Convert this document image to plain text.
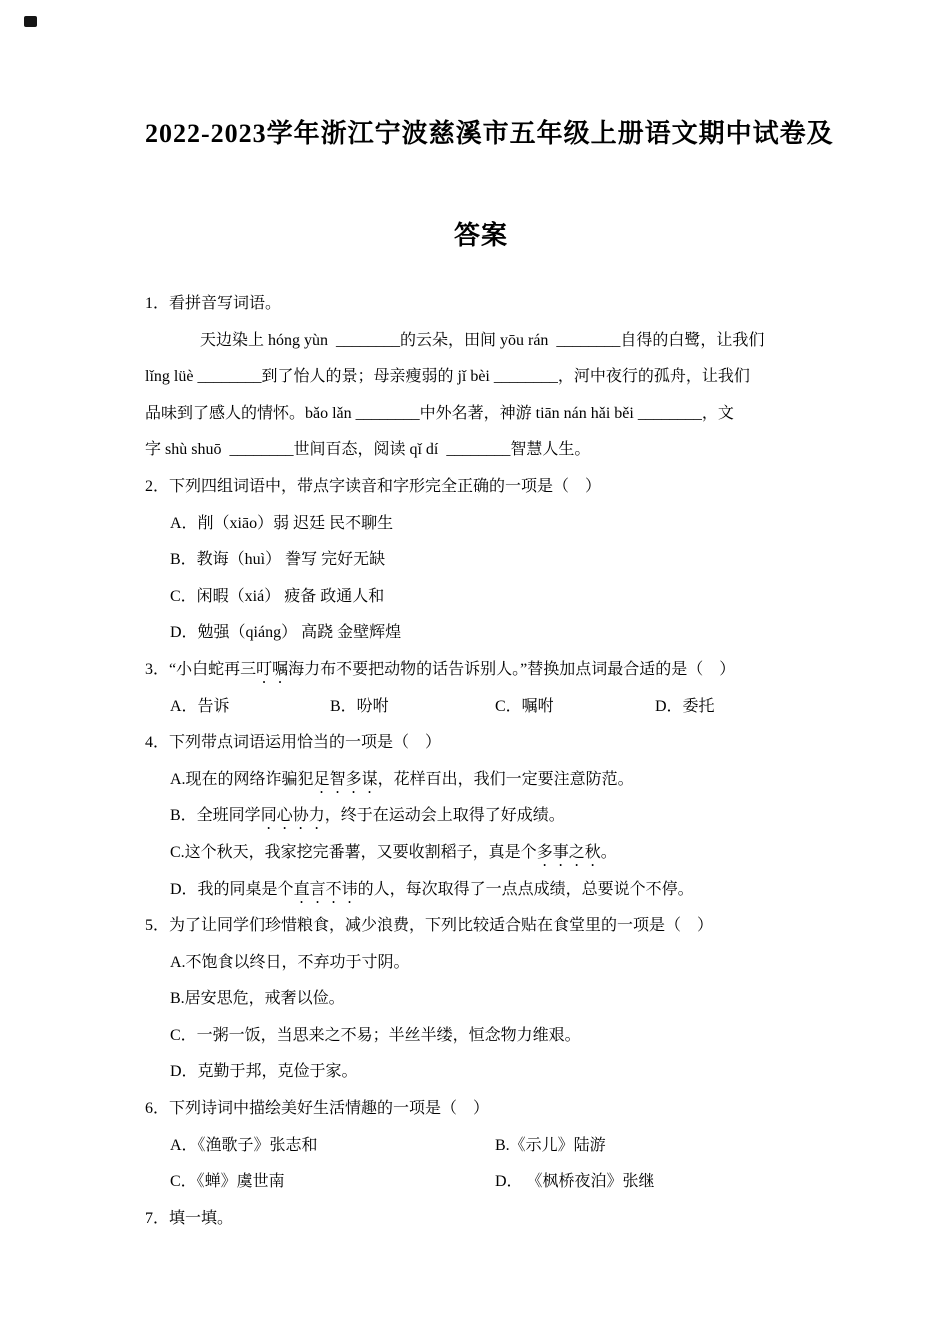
2022-2023学年浙江宁波慈溪市五年级上册语文期中试卷及
答案
1．看拼音写词语。
天边染上 hóng yùn  ________的云朵，田间 yōu rán  ________自得的白鹭，让我们
lǐng lüè ________到了怡人的景；母亲瘦弱的 jǐ bèi ________，河中夜行的孤舟，让我们
品味到了感人的情怀。bǎo lǎn ________中外名著，神游 tiān nán hǎi běi ________，文
字 shù shuō  ________世间百态，阅读 qǐ dí  ________智慧人生。
2．下列四组词语中，带点字读音和字形完全正确的一项是（　）
A．削（xiāo）弱 迟廷 民不聊生
B．教诲（huì） 誊写 完好无缺
C．闲暇（xiá） 疲备 政通人和
D．勉强（qiáng） 高跷 金壁辉煌
3．“小白蛇再三叮嘱海力布不要把动物的话告诉别人。”替换加点词最合适的是（　）
A．告诉	B．吩咐	C．嘱咐	D．委托
4．下列带点词语运用恰当的一项是（　）
A.现在的网络诈骗犯足智多谋，花样百出，我们一定要注意防范。
B．全班同学同心协力，终于在运动会上取得了好成绩。
C.这个秋天，我家挖完番薯，又要收割稻子，真是个多事之秋。
D．我的同桌是个直言不讳的人，每次取得了一点点成绩，总要说个不停。
5．为了让同学们珍惜粮食，减少浪费，下列比较适合贴在食堂里的一项是（　）
A.不饱食以终日，不弃功于寸阴。
B.居安思危，戒奢以俭。
C．一粥一饭，当思来之不易；半丝半缕，恒念物力维艰。
D．克勤于邦，克俭于家。
6．下列诗词中描绘美好生活情趣的一项是（　）
A．《渔歌子》张志和	B.《示儿》陆游
C．《蝉》虞世南	D． 《枫桥夜泊》张继
7．填一填。
